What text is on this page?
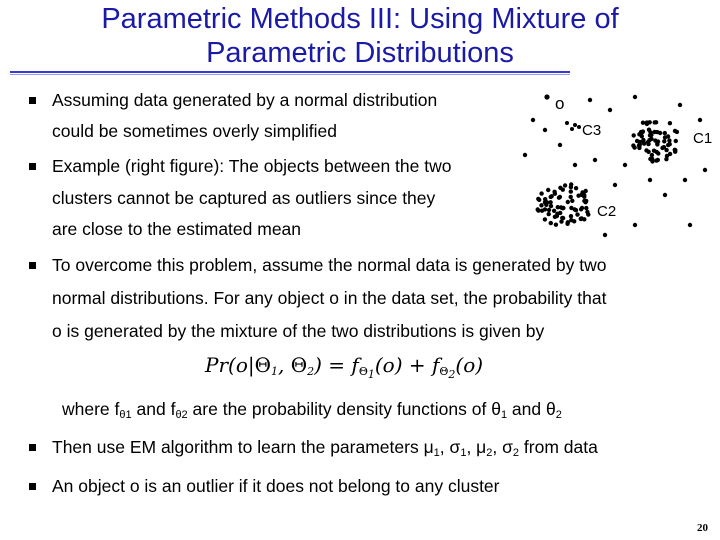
Parametric Methods III: Using Mixture of
Parametric Distributions
Assuming data generated by a normal distribution
could be sometimes overly simplified
Example (right figure): The objects between the two
clusters cannot be captured as outliers since they
are close to the estimated mean
To overcome this problem, assume the normal data is generated by two
normal distributions. For any object o in the data set, the probability that
o is generated by the mixture of the two distributions is given by
$Pr(o|\Theta_1$, $\Theta_2) = f_{\Theta_1}(o) + f_{\Theta_2}(o)$
where $f_{\theta 1}$ and $f_{\theta 2}$ are the probability density functions of $\theta_1$ and $\theta_2$
Then use EM algorithm to learn the parameters $\mu_1$, $\sigma_1$, $\mu_2$, $\sigma_2$ from data
An object o is an outlier if it does not belong to any cluster
o
C3	C1
C2
20
